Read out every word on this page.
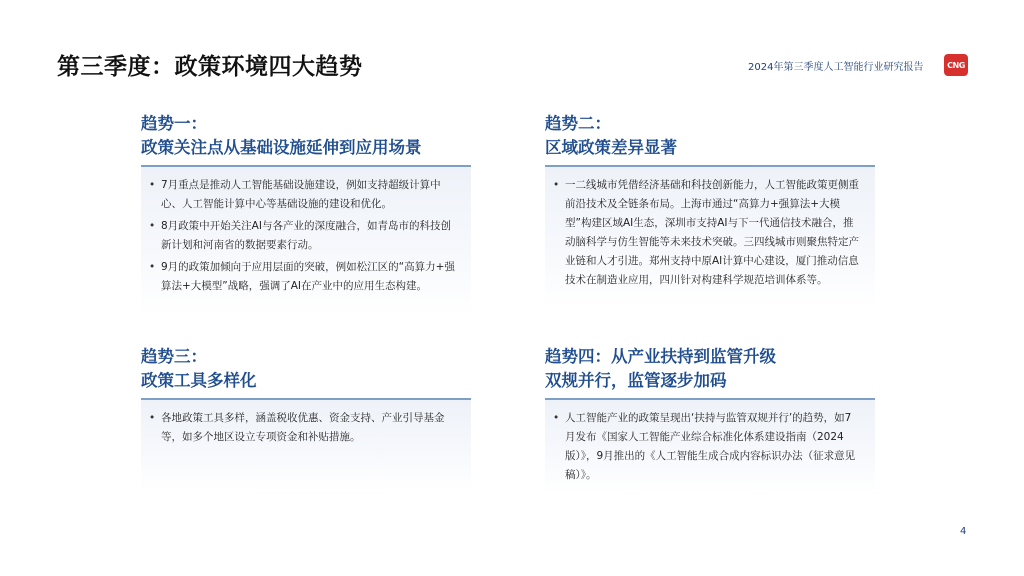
第三季度：政策环境四大趋势	2024年第三季度人工智能行业研究报告	CNG
趋势一：
政策关注点从基础设施延伸到应用场景
• 7月重点是推动人工智能基础设施建设，例如支持超级计算中心、人工智能计算中心等基础设施的建设和优化。
• 8月政策中开始关注AI与各产业的深度融合，如青岛市的科技创新计划和河南省的数据要素行动。
• 9月的政策加倾向于应用层面的突破，例如松江区的“高算力+强算法+大模型”战略，强调了AI在产业中的应用生态构建。
趋势二：
区域政策差异显著
• 一二线城市凭借经济基础和科技创新能力，人工智能政策更侧重前沿技术及全链条布局。上海市通过“高算力+强算法+大模型”构建区域AI生态，深圳市支持AI与下一代通信技术融合，推动脑科学与仿生智能等未来技术突破。三四线城市则聚焦特定产业链和人才引进。郑州支持中原AI计算中心建设，厦门推动信息技术在制造业应用，四川针对构建科学规范培训体系等。
趋势三：
政策工具多样化
• 各地政策工具多样，涵盖税收优惠、资金支持、产业引导基金等，如多个地区设立专项资金和补贴措施。
趋势四：从产业扶持到监管升级
双规并行，监管逐步加码
• 人工智能产业的政策呈现出‘扶持与监管双规并行’的趋势，如7月发布《国家人工智能产业综合标准化体系建设指南（2024版）》，9月推出的《人工智能生成合成内容标识办法（征求意见稿）》。
4
